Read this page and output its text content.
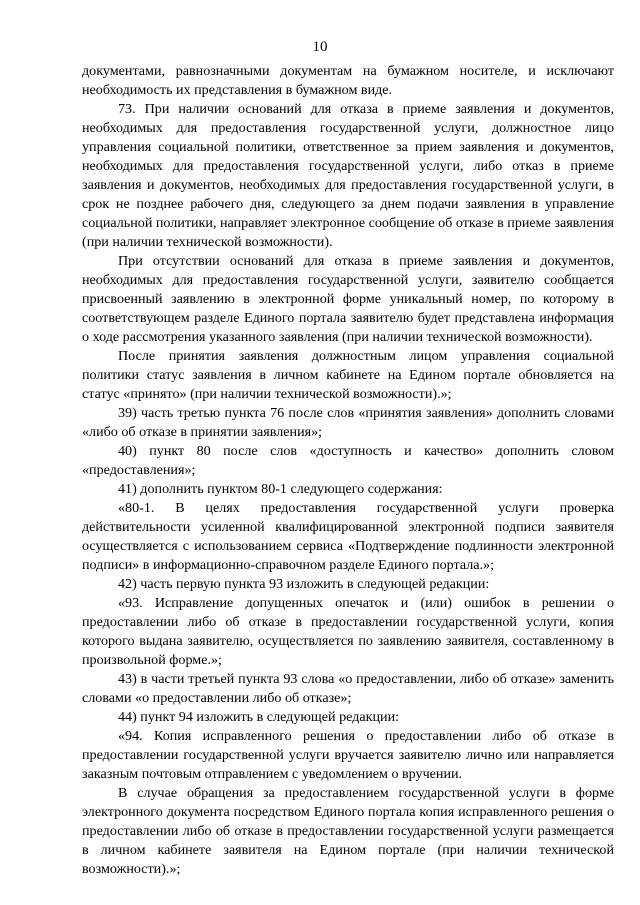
10

документами, равнозначными документам на бумажном носителе, и исключают необходимость их представления в бумажном виде.

73. При наличии оснований для отказа в приеме заявления и документов, необходимых для предоставления государственной услуги, должностное лицо управления социальной политики, ответственное за прием заявления и документов, необходимых для предоставления государственной услуги, либо отказ в приеме заявления и документов, необходимых для предоставления государственной услуги, в срок не позднее рабочего дня, следующего за днем подачи заявления в управление социальной политики, направляет электронное сообщение об отказе в приеме заявления (при наличии технической возможности).

При отсутствии оснований для отказа в приеме заявления и документов, необходимых для предоставления государственной услуги, заявителю сообщается присвоенный заявлению в электронной форме уникальный номер, по которому в соответствующем разделе Единого портала заявителю будет представлена информация о ходе рассмотрения указанного заявления (при наличии технической возможности).

После принятия заявления должностным лицом управления социальной политики статус заявления в личном кабинете на Едином портале обновляется на статус «принято» (при наличии технической возможности).»;

39) часть третью пункта 76 после слов «принятия заявления» дополнить словами «либо об отказе в принятии заявления»;

40) пункт 80 после слов «доступность и качество» дополнить словом «предоставления»;

41) дополнить пунктом 80-1 следующего содержания:

«80-1. В целях предоставления государственной услуги проверка действительности усиленной квалифицированной электронной подписи заявителя осуществляется с использованием сервиса «Подтверждение подлинности электронной подписи» в информационно-справочном разделе Единого портала.»;

42) часть первую пункта 93 изложить в следующей редакции:

«93. Исправление допущенных опечаток и (или) ошибок в решении о предоставлении либо об отказе в предоставлении государственной услуги, копия которого выдана заявителю, осуществляется по заявлению заявителя, составленному в произвольной форме.»;

43) в части третьей пункта 93 слова «о предоставлении, либо об отказе» заменить словами «о предоставлении либо об отказе»;

44) пункт 94 изложить в следующей редакции:

«94. Копия исправленного решения о предоставлении либо об отказе в предоставлении государственной услуги вручается заявителю лично или направляется заказным почтовым отправлением с уведомлением о вручении.

В случае обращения за предоставлением государственной услуги в форме электронного документа посредством Единого портала копия исправленного решения о предоставлении либо об отказе в предоставлении государственной услуги размещается в личном кабинете заявителя на Едином портале (при наличии технической возможности).»;
